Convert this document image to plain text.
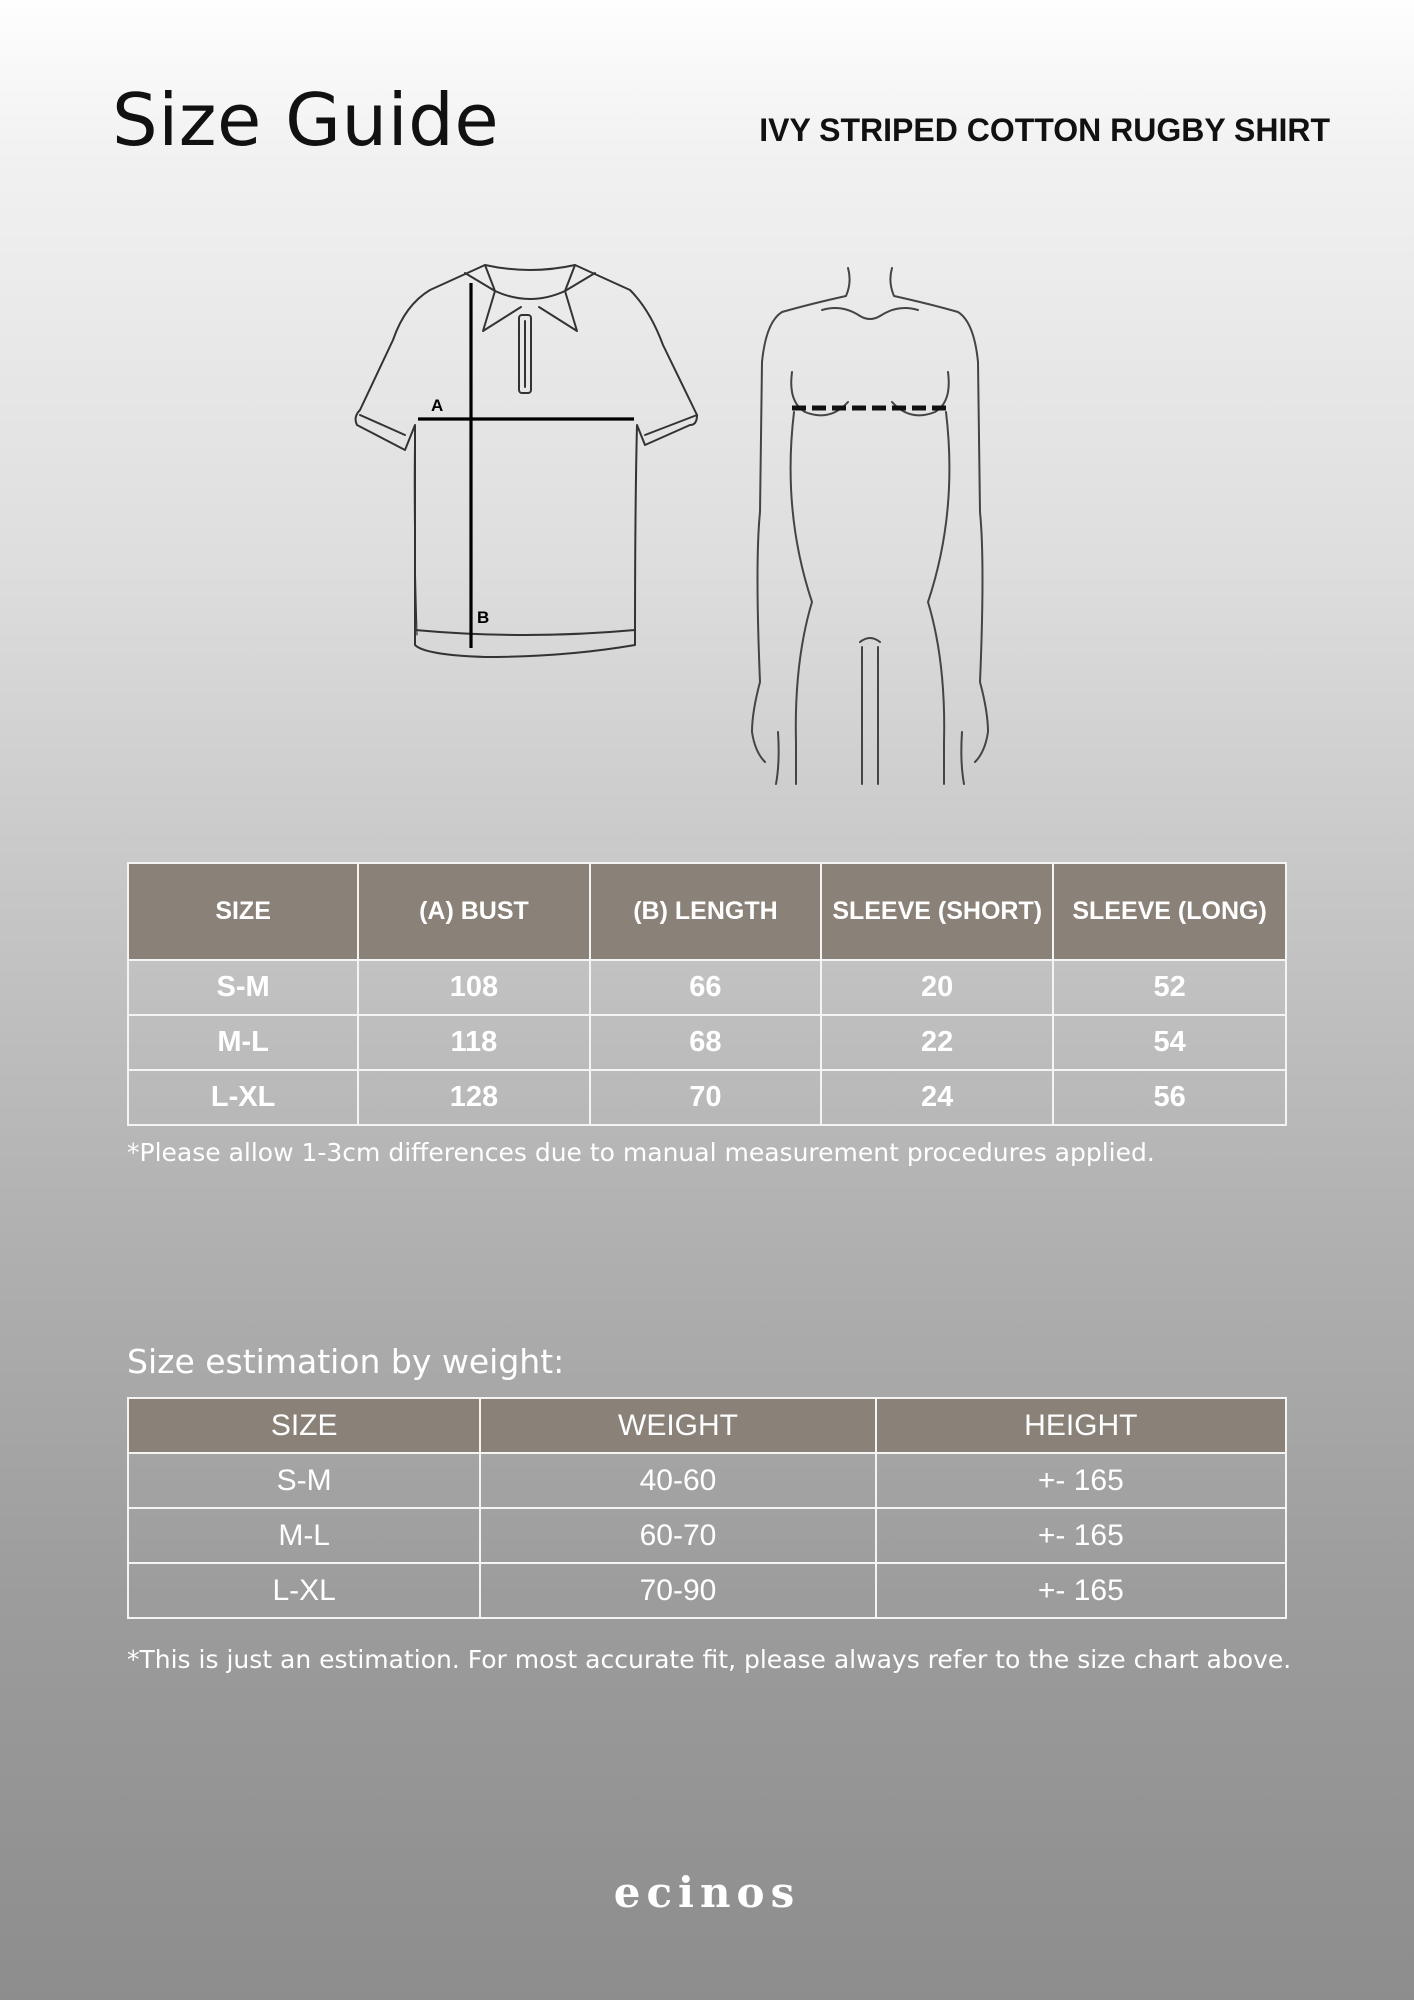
Size Guide	IVY STRIPED COTTON RUGBY SHIRT
A
B
SIZE	(A) BUST	(B) LENGTH	SLEEVE (SHORT)	SLEEVE (LONG)
S-M	108	66	20	52
M-L	118	68	22	54
L-XL	128	70	24	56
*Please allow 1-3cm differences due to manual measurement procedures applied.
Size estimation by weight:
SIZE	WEIGHT	HEIGHT
S-M	40-60	+- 165
M-L	60-70	+- 165
L-XL	70-90	+- 165
*This is just an estimation. For most accurate fit, please always refer to the size chart above.
ecinos
